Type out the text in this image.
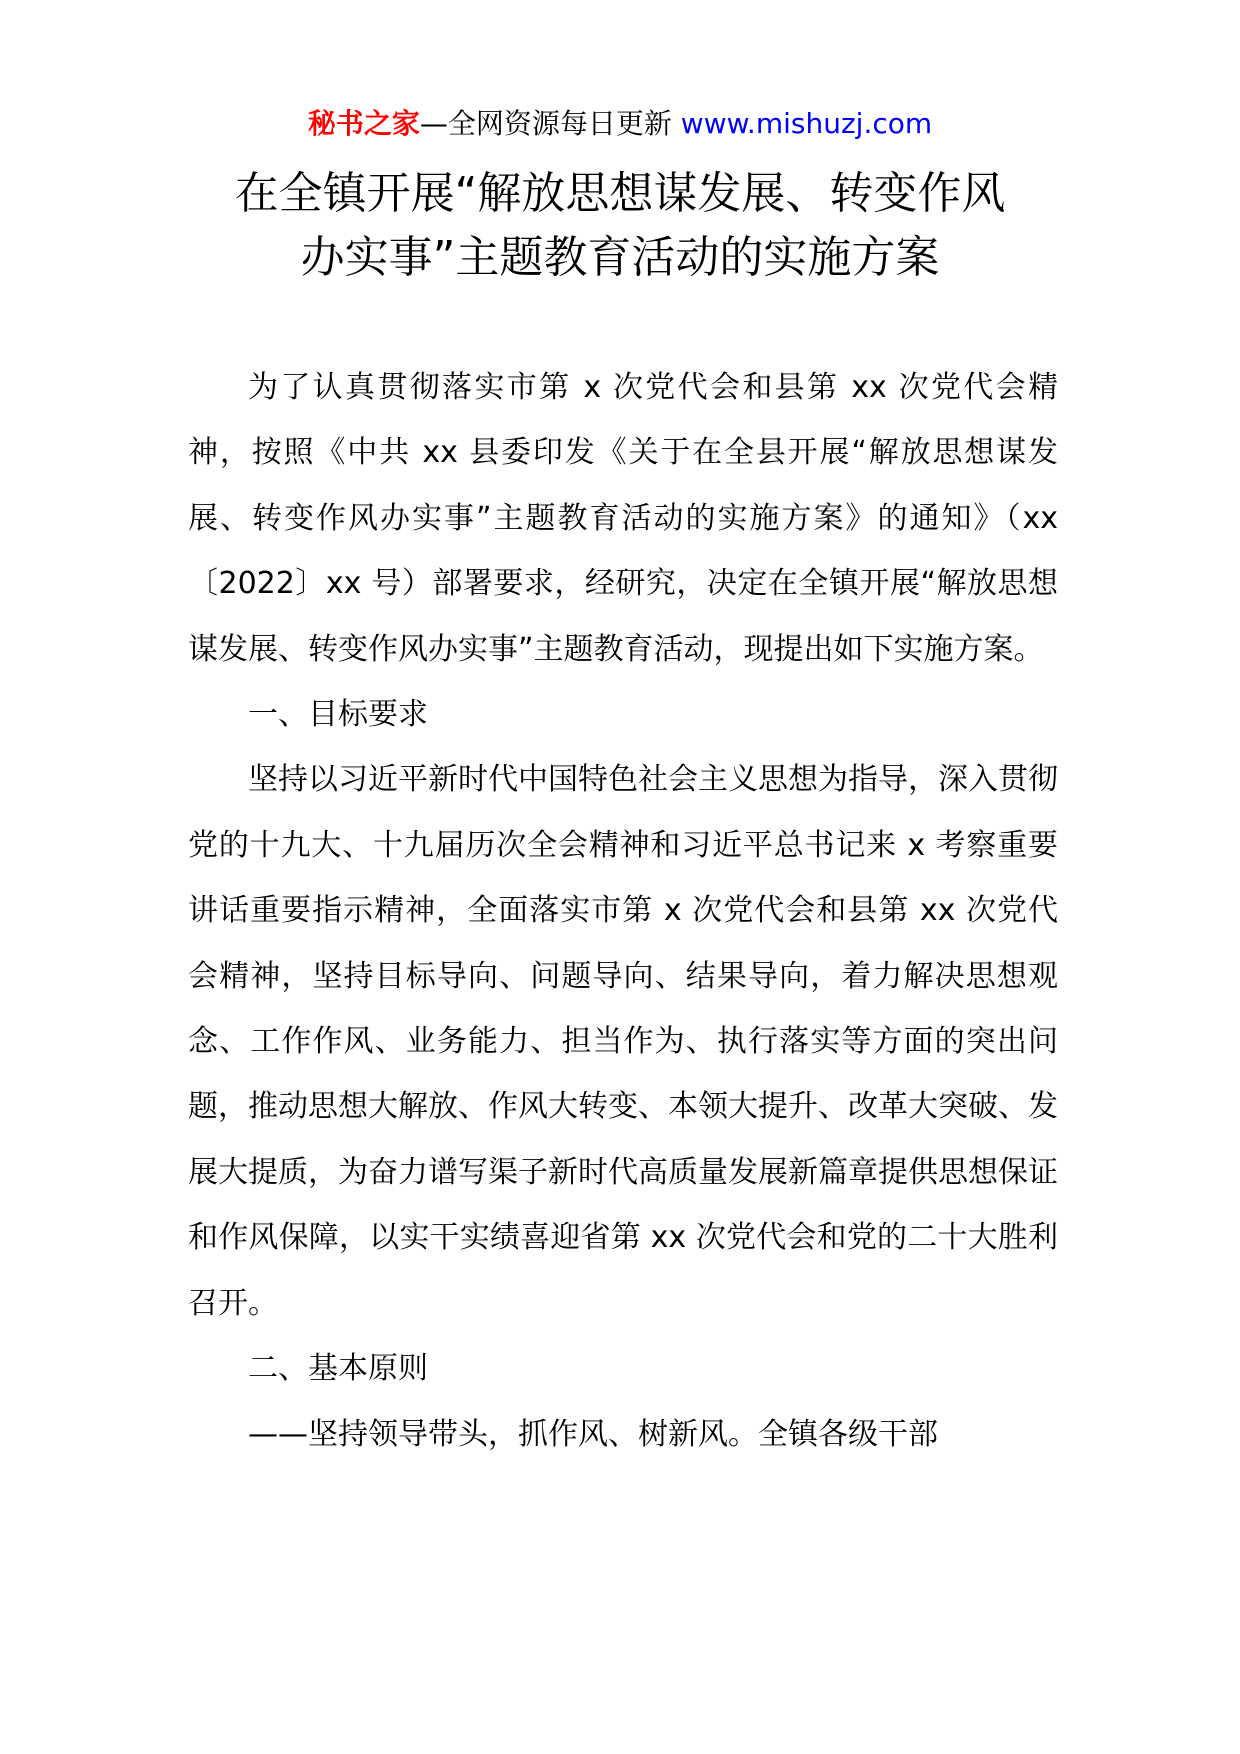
秘书之家—全网资源每日更新 www.mishuzj.com
在全镇开展“解放思想谋发展、转变作风
办实事”主题教育活动的实施方案

为了认真贯彻落实市第 x 次党代会和县第 xx 次党代会精神，按照《中共 xx 县委印发《关于在全县开展“解放思想谋发展、转变作风办实事”主题教育活动的实施方案》的通知》（xx〔2022〕xx 号）部署要求，经研究，决定在全镇开展“解放思想谋发展、转变作风办实事”主题教育活动，现提出如下实施方案。

一、目标要求

坚持以习近平新时代中国特色社会主义思想为指导，深入贯彻党的十九大、十九届历次全会精神和习近平总书记来 x 考察重要讲话重要指示精神，全面落实市第 x 次党代会和县第 xx 次党代会精神，坚持目标导向、问题导向、结果导向，着力解决思想观念、工作作风、业务能力、担当作为、执行落实等方面的突出问题，推动思想大解放、作风大转变、本领大提升、改革大突破、发展大提质，为奋力谱写渠子新时代高质量发展新篇章提供思想保证和作风保障，以实干实绩喜迎省第 xx 次党代会和党的二十大胜利召开。

二、基本原则

——坚持领导带头，抓作风、树新风。全镇各级干部
